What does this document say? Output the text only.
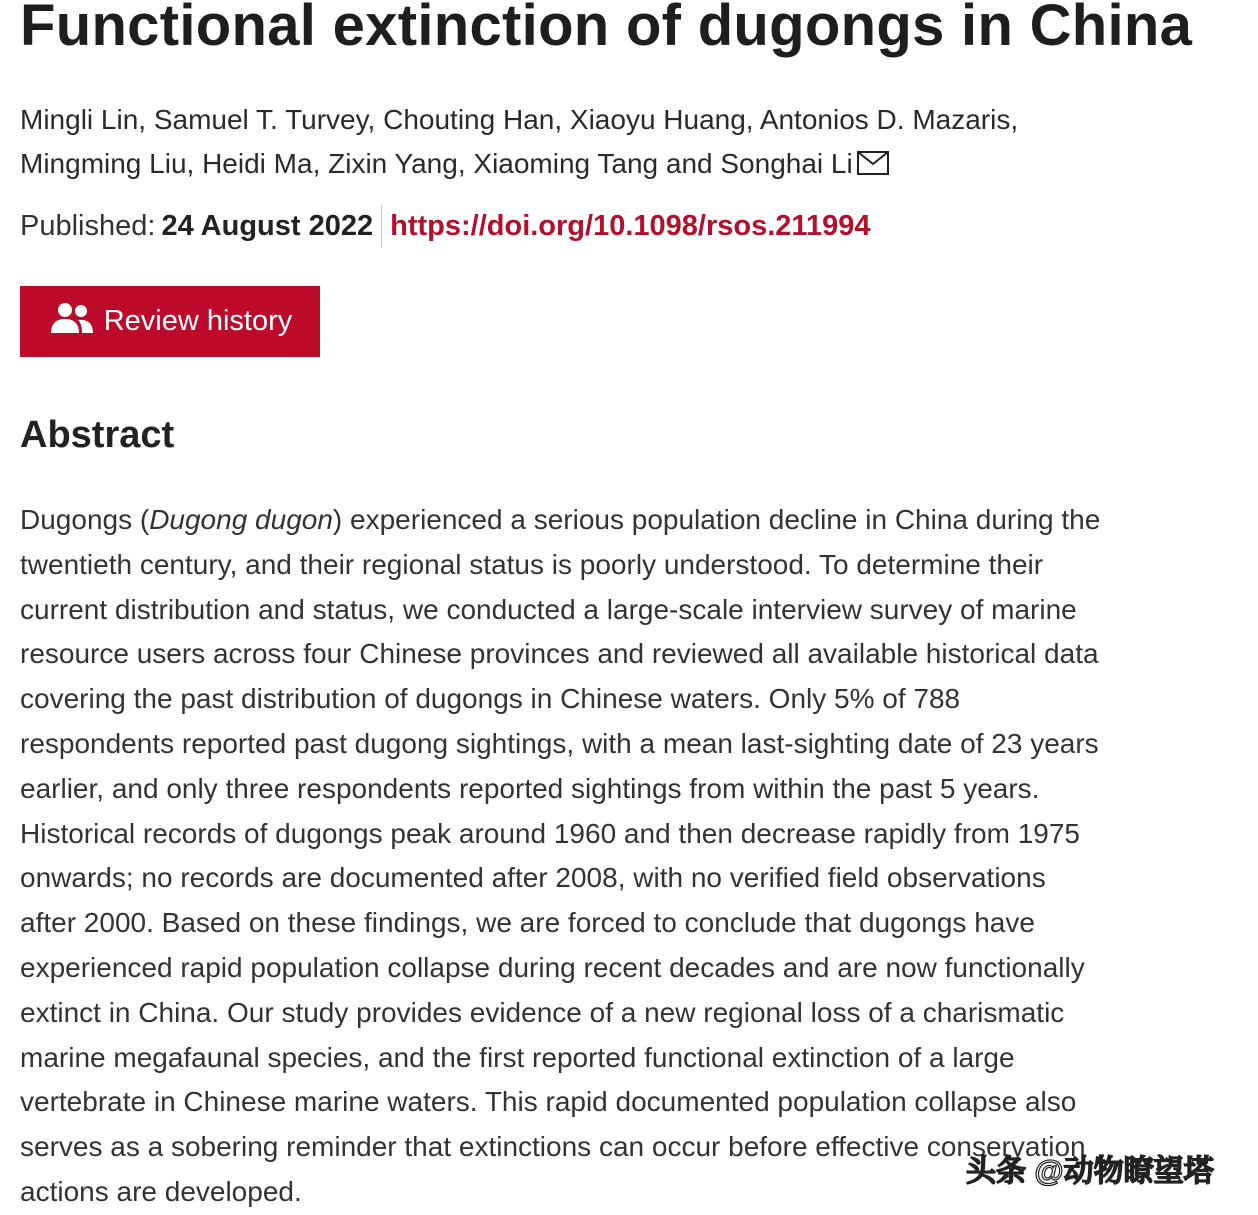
Functional extinction of dugongs in China
Mingli Lin, Samuel T. Turvey, Chouting Han, Xiaoyu Huang, Antonios D. Mazaris,
Mingming Liu, Heidi Ma, Zixin Yang, Xiaoming Tang and Songhai Li
Published: 24 August 2022 https://doi.org/10.1098/rsos.211994
Review history
Abstract
Dugongs (Dugong dugon) experienced a serious population decline in China during the
twentieth century, and their regional status is poorly understood. To determine their
current distribution and status, we conducted a large-scale interview survey of marine
resource users across four Chinese provinces and reviewed all available historical data
covering the past distribution of dugongs in Chinese waters. Only 5% of 788
respondents reported past dugong sightings, with a mean last-sighting date of 23 years
earlier, and only three respondents reported sightings from within the past 5 years.
Historical records of dugongs peak around 1960 and then decrease rapidly from 1975
onwards; no records are documented after 2008, with no verified field observations
after 2000. Based on these findings, we are forced to conclude that dugongs have
experienced rapid population collapse during recent decades and are now functionally
extinct in China. Our study provides evidence of a new regional loss of a charismatic
marine megafaunal species, and the first reported functional extinction of a large
vertebrate in Chinese marine waters. This rapid documented population collapse also
serves as a sobering reminder that extinctions can occur before effective conservation
actions are developed.
头条 @动物瞭望塔
